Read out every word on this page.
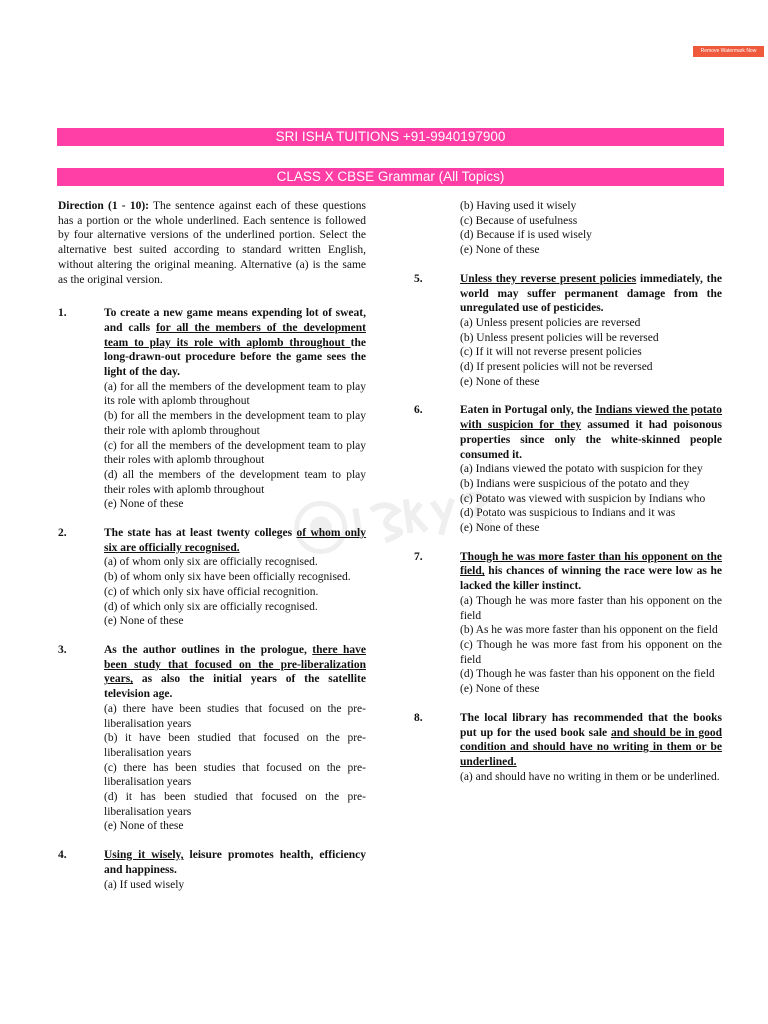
Remove Watermark Now
SRI ISHA TUITIONS +91-9940197900
CLASS X CBSE Grammar (All Topics)
Direction (1 - 10): The sentence against each of these questions has a portion or the whole underlined. Each sentence is followed by four alternative versions of the underlined portion. Select the alternative best suited according to standard written English, without altering the original meaning. Alternative (a) is the same as the original version.
1.	To create a new game means expending lot of sweat, and calls for all the members of the development team to play its role with aplomb throughout the long-drawn-out procedure before the game sees the light of the day.
(a) for all the members of the development team to play its role with aplomb throughout
(b) for all the members in the development team to play their role with aplomb throughout
(c) for all the members of the development team to play their roles with aplomb throughout
(d) all the members of the development team to play their roles with aplomb throughout
(e) None of these
2.	The state has at least twenty colleges of whom only six are officially recognised.
(a) of whom only six are officially recognised.
(b) of whom only six have been officially recognised.
(c) of which only six have official recognition.
(d) of which only six are officially recognised.
(e) None of these
3.	As the author outlines in the prologue, there have been study that focused on the pre-liberalization years, as also the initial years of the satellite television age.
(a) there have been studies that focused on the pre-liberalisation years
(b) it have been studied that focused on the pre-liberalisation years
(c) there has been studies that focused on the pre-liberalisation years
(d) it has been studied that focused on the pre-liberalisation years
(e) None of these
4.	Using it wisely, leisure promotes health, efficiency and happiness.
(a) If used wisely
(b) Having used it wisely
(c) Because of usefulness
(d) Because if is used wisely
(e) None of these
5.	Unless they reverse present policies immediately, the world may suffer permanent damage from the unregulated use of pesticides.
(a) Unless present policies are reversed
(b) Unless present policies will be reversed
(c) If it will not reverse present policies
(d) If present policies will not be reversed
(e) None of these
6.	Eaten in Portugal only, the Indians viewed the potato with suspicion for they assumed it had poisonous properties since only the white-skinned people consumed it.
(a) Indians viewed the potato with suspicion for they
(b) Indians were suspicious of the potato and they
(c) Potato was viewed with suspicion by Indians who
(d) Potato was suspicious to Indians and it was
(e) None of these
7.	Though he was more faster than his opponent on the field, his chances of winning the race were low as he lacked the killer instinct.
(a) Though he was more faster than his opponent on the field
(b) As he was more faster than his opponent on the field
(c) Though he was more fast from his opponent on the field
(d) Though he was faster than his opponent on the field
(e) None of these
8.	The local library has recommended that the books put up for the used book sale and should be in good condition and should have no writing in them or be underlined.
(a) and should have no writing in them or be underlined.
